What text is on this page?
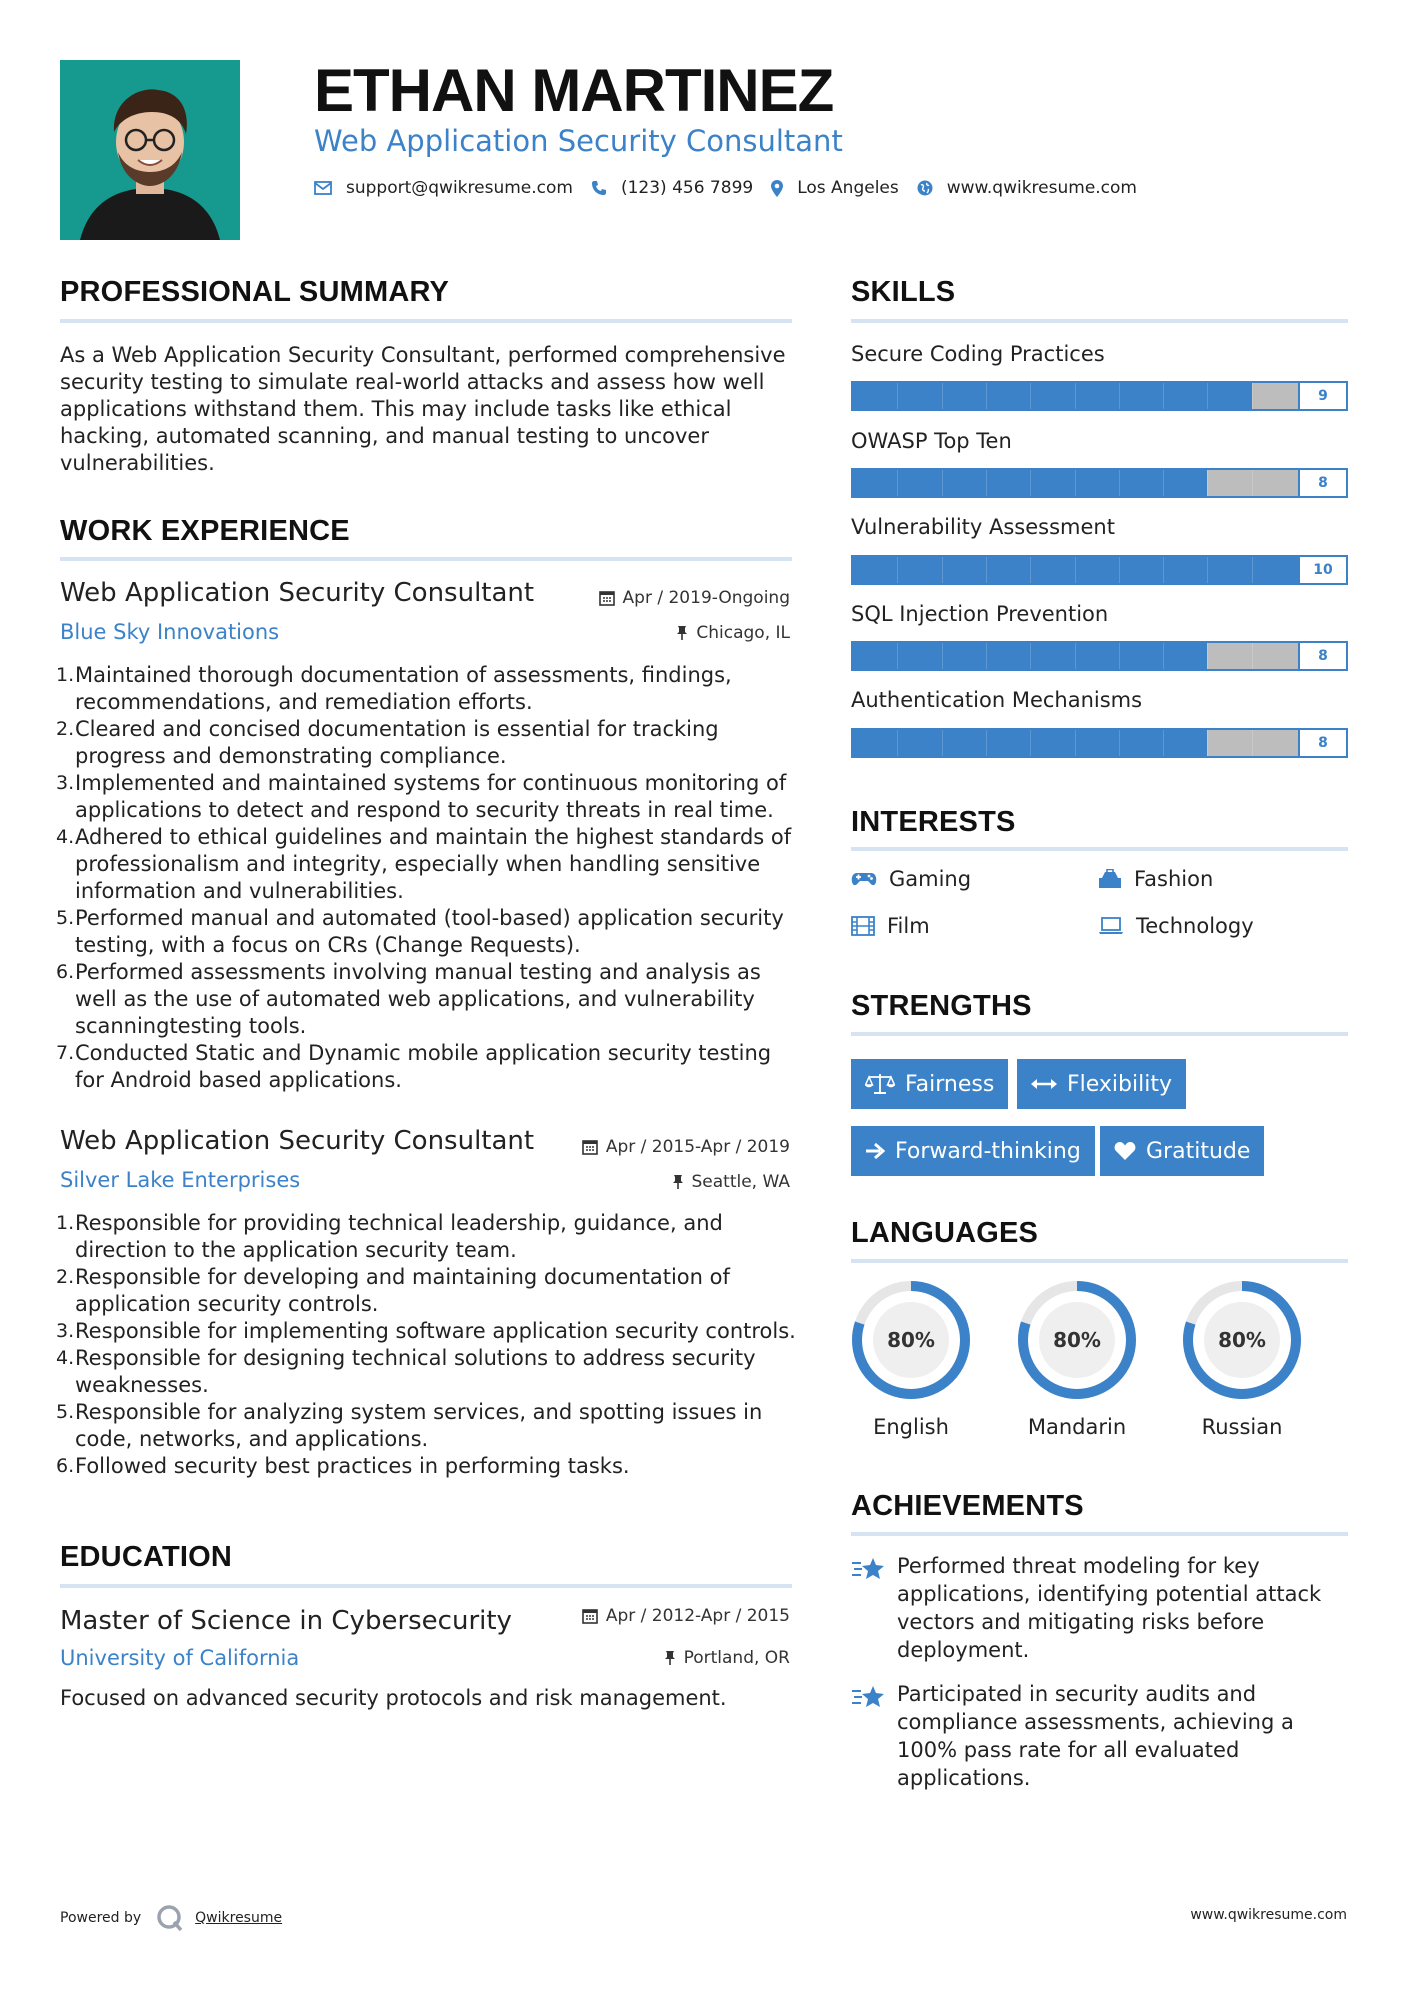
ETHAN MARTINEZ
Web Application Security Consultant
support@qwikresume.com	(123) 456 7899	Los Angeles	www.qwikresume.com
PROFESSIONAL SUMMARY
As a Web Application Security Consultant, performed comprehensive security testing to simulate real-world attacks and assess how well applications withstand them. This may include tasks like ethical hacking, automated scanning, and manual testing to uncover vulnerabilities.
WORK EXPERIENCE
Web Application Security Consultant	Apr / 2019-Ongoing
Blue Sky Innovations	Chicago, IL
1. Maintained thorough documentation of assessments, findings, recommendations, and remediation efforts.
2. Cleared and concised documentation is essential for tracking progress and demonstrating compliance.
3. Implemented and maintained systems for continuous monitoring of applications to detect and respond to security threats in real time.
4. Adhered to ethical guidelines and maintain the highest standards of professionalism and integrity, especially when handling sensitive information and vulnerabilities.
5. Performed manual and automated (tool-based) application security testing, with a focus on CRs (Change Requests).
6. Performed assessments involving manual testing and analysis as well as the use of automated web applications, and vulnerability scanningtesting tools.
7. Conducted Static and Dynamic mobile application security testing for Android based applications.
Web Application Security Consultant	Apr / 2015-Apr / 2019
Silver Lake Enterprises	Seattle, WA
1. Responsible for providing technical leadership, guidance, and direction to the application security team.
2. Responsible for developing and maintaining documentation of application security controls.
3. Responsible for implementing software application security controls.
4. Responsible for designing technical solutions to address security weaknesses.
5. Responsible for analyzing system services, and spotting issues in code, networks, and applications.
6. Followed security best practices in performing tasks.
EDUCATION
Master of Science in Cybersecurity	Apr / 2012-Apr / 2015
University of California	Portland, OR
Focused on advanced security protocols and risk management.
SKILLS
Secure Coding Practices
9
OWASP Top Ten
8
Vulnerability Assessment
10
SQL Injection Prevention
8
Authentication Mechanisms
8
INTERESTS
Gaming	Fashion
Film	Technology
STRENGTHS
Fairness	Flexibility
Forward-thinking	Gratitude
LANGUAGES
80%
English
80%
Mandarin
80%
Russian
ACHIEVEMENTS
Performed threat modeling for key applications, identifying potential attack vectors and mitigating risks before deployment.
Participated in security audits and compliance assessments, achieving a 100% pass rate for all evaluated applications.
Powered by	Qwikresume	www.qwikresume.com
